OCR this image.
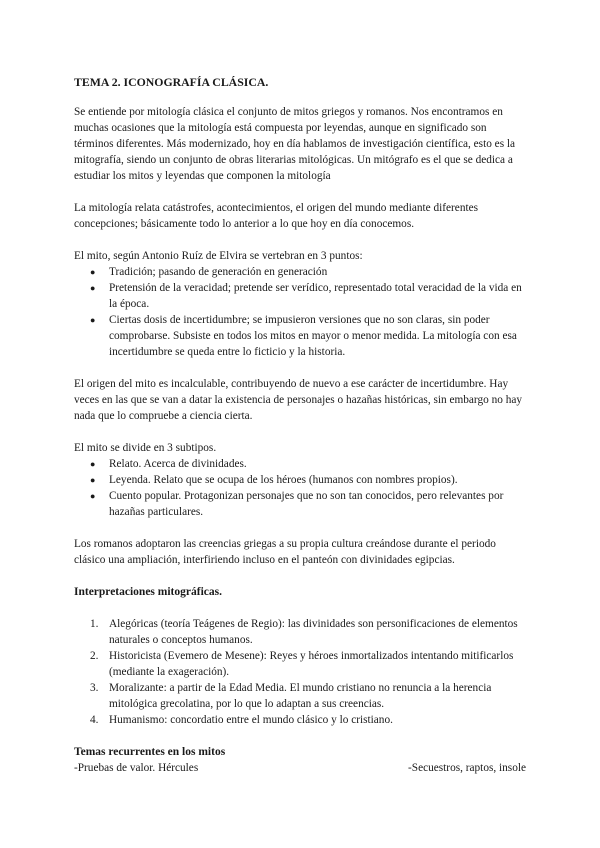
TEMA 2. ICONOGRAFÍA CLÁSICA.

Se entiende por mitología clásica el conjunto de mitos griegos y romanos. Nos encontramos en muchas ocasiones que la mitología está compuesta por leyendas, aunque en significado son términos diferentes. Más modernizado, hoy en día hablamos de investigación científica, esto es la mitografía, siendo un conjunto de obras literarias mitológicas. Un mitógrafo es el que se dedica a estudiar los mitos y leyendas que componen la mitología

La mitología relata catástrofes, acontecimientos, el origen del mundo mediante diferentes concepciones; básicamente todo lo anterior a lo que hoy en día conocemos.

El mito, según Antonio Ruíz de Elvira se vertebran en 3 puntos:
● Tradición; pasando de generación en generación
● Pretensión de la veracidad; pretende ser verídico, representado total veracidad de la vida en la época.
● Ciertas dosis de incertidumbre; se impusieron versiones que no son claras, sin poder comprobarse. Subsiste en todos los mitos en mayor o menor medida. La mitología con esa incertidumbre se queda entre lo ficticio y la historia.

El origen del mito es incalculable, contribuyendo de nuevo a ese carácter de incertidumbre. Hay veces en las que se van a datar la existencia de personajes o hazañas históricas, sin embargo no hay nada que lo compruebe a ciencia cierta.

El mito se divide en 3 subtipos.
● Relato. Acerca de divinidades.
● Leyenda. Relato que se ocupa de los héroes (humanos con nombres propios).
● Cuento popular. Protagonizan personajes que no son tan conocidos, pero relevantes por hazañas particulares.

Los romanos adoptaron las creencias griegas a su propia cultura creándose durante el periodo clásico una ampliación, interfiriendo incluso en el panteón con divinidades egipcias.

Interpretaciones mitográficas.
1. Alegóricas (teoría Teágenes de Regio): las divinidades son personificaciones de elementos naturales o conceptos humanos.
2. Historicista (Evemero de Mesene): Reyes y héroes inmortalizados intentando mitificarlos (mediante la exageración).
3. Moralizante: a partir de la Edad Media. El mundo cristiano no renuncia a la herencia mitológica grecolatina, por lo que lo adaptan a sus creencias.
4. Humanismo: concordatio entre el mundo clásico y lo cristiano.
Temas recurrentes en los mitos
-Pruebas de valor. Hércules	-Secuestros, raptos, insole
